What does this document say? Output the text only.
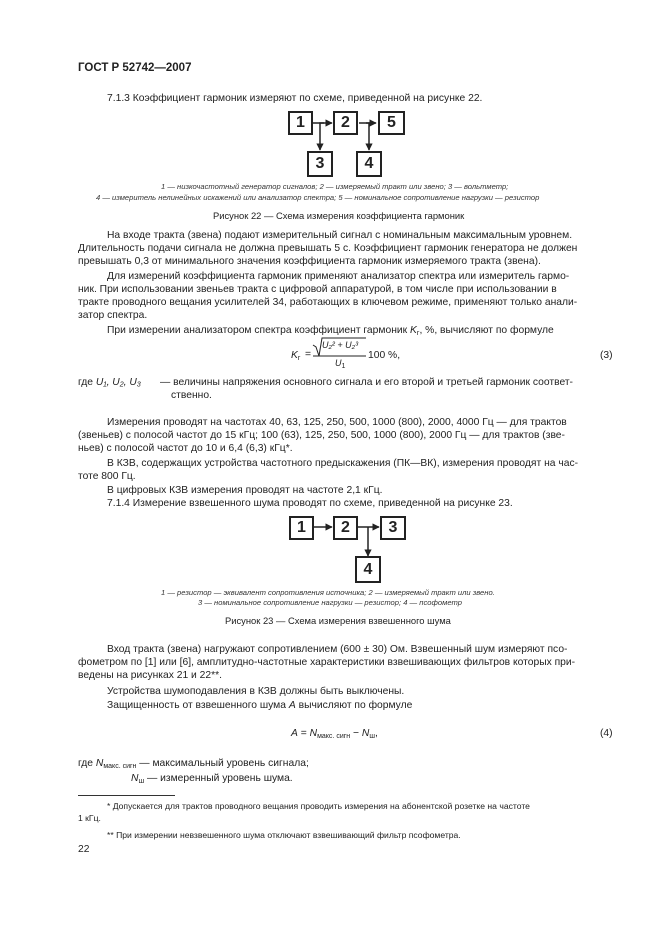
ГОСТ Р 52742—2007
7.1.3 Коэффициент гармоник измеряют по схеме, приведенной на рисунке 22.
1	2	5
3	4
1 — низкочастотный генератор сигналов; 2 — измеряемый тракт или звено; 3 — вольтметр;
4 — измеритель нелинейных искажений или анализатор спектра; 5 — номинальное сопротивление нагрузки — резистор
Рисунок 22 — Схема измерения коэффициента гармоник
На входе тракта (звена) подают измерительный сигнал с номинальным максимальным уровнем.
Длительность подачи сигнала не должна превышать 5 с. Коэффициент гармоник генератора не должен
превышать 0,3 от минимального значения коэффициента гармоник измеряемого тракта (звена).
Для измерений коэффициента гармоник применяют анализатор спектра или измеритель гармо-
ник. При использовании звеньев тракта с цифровой аппаратурой, в том числе при использовании в
тракте проводного вещания усилителей 34, работающих в ключевом режиме, применяют только анали-
затор спектра.
При измерении анализатором спектра коэффициент гармоник $K_г$, %, вычисляют по формуле
$K_г$ =
U₂² + U₂³
$U_1$
100 %,	(3)
где U₁, U₂, U₃ — величины напряжения основного сигнала и его второй и третьей гармоник соответ-
ственно.
Измерения проводят на частотах 40, 63, 125, 250, 500, 1000 (800), 2000, 4000 Гц — для трактов
(звеньев) с полосой частот до 15 кГц; 100 (63), 125, 250, 500, 1000 (800), 2000 Гц — для трактов (зве-
ньев) с полосой частот до 10 и 6,4 (6,3) кГц*.
В КЗВ, содержащих устройства частотного предыскажения (ПК—ВК), измерения проводят на час-
тоте 800 Гц.
В цифровых КЗВ измерения проводят на частоте 2,1 кГц.
7.1.4 Измерение взвешенного шума проводят по схеме, приведенной на рисунке 23.
1	2	3
4
1 — резистор — эквивалент сопротивления источника; 2 — измеряемый тракт или звено.
3 — номинальное сопротивление нагрузки — резистор; 4 — псофометр
Рисунок 23 — Схема измерения взвешенного шума
Вход тракта (звена) нагружают сопротивлением (600 ± 30) Ом. Взвешенный шум измеряют псо-
фометром по [1] или [6], амплитудно-частотные характеристики взвешивающих фильтров которых при-
ведены на рисунках 21 и 22**.
Устройства шумоподавления в КЗВ должны быть выключены.
Защищенность от взвешенного шума A вычисляют по формуле
$A = N_{макс. сигн} - N_ш$,	(4)
где $N_{макс. сигн}$ — максимальный уровень сигнала;
$N_ш$ — измеренный уровень шума.
* Допускается для трактов проводного вещания проводить измерения на абонентской розетке на частоте
1 кГц.
** При измерении невзвешенного шума отключают взвешивающий фильтр псофометра.
22
